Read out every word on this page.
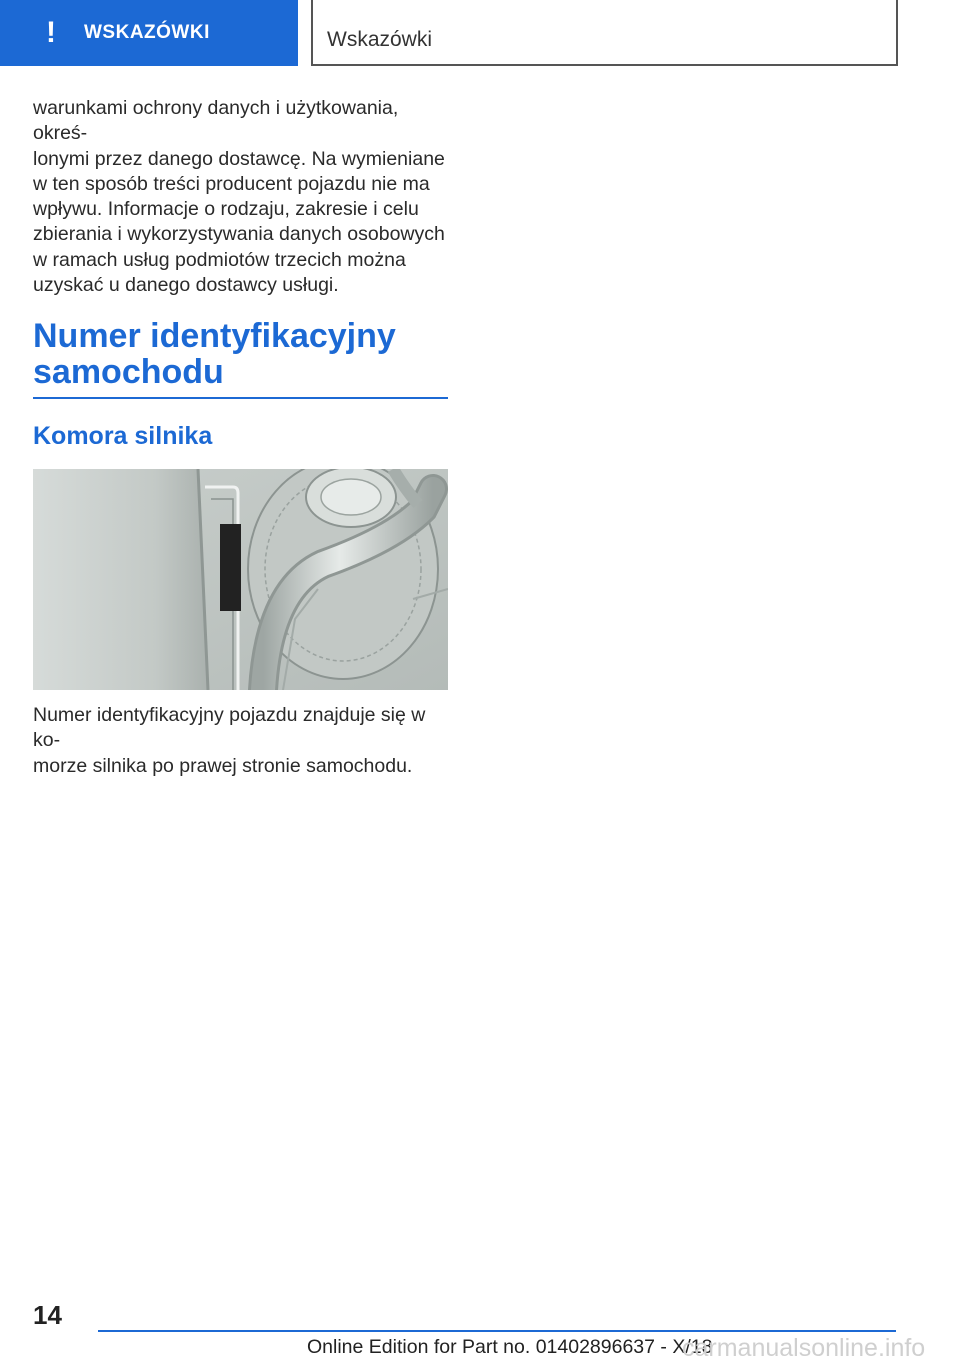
! WSKAZÓWKI	Wskazówki

warunkami ochrony danych i użytkowania, okreś-

lonymi przez danego dostawcę. Na wymieniane

w ten sposób treści producent pojazdu nie ma

wpływu. Informacje o rodzaju, zakresie i celu

zbierania i wykorzystywania danych osobowych

w ramach usług podmiotów trzecich można

uzyskać u danego dostawcy usługi.

Numer identyfikacyjny
samochodu
Komora silnika

Numer identyfikacyjny pojazdu znajduje się w ko-

morze silnika po prawej stronie samochodu.

14
Online Edition for Part no. 01402896637 - X/18
carmanualsonline.info
